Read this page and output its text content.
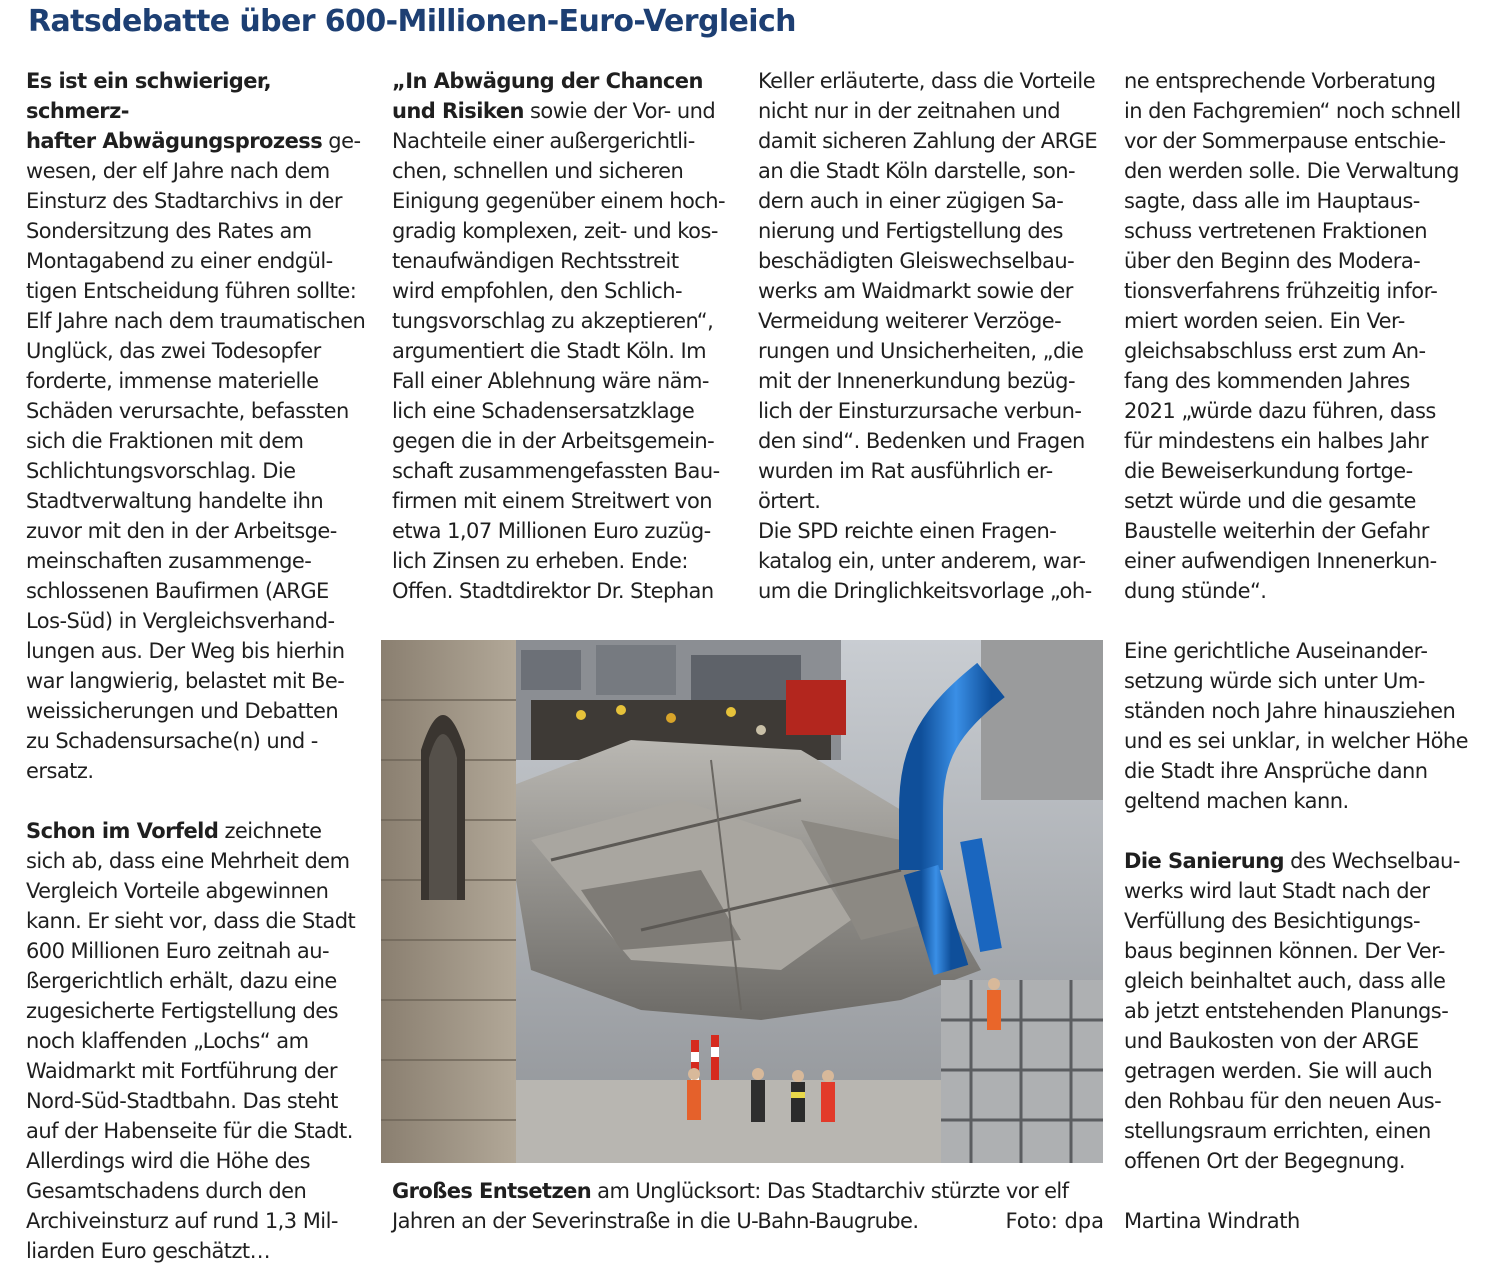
Ratsdebatte über 600-Millionen-Euro-Vergleich

Es ist ein schwieriger, schmerz-

hafter Abwägungsprozess ge-

wesen, der elf Jahre nach dem

Einsturz des Stadtarchivs in der

Sondersitzung des Rates am

Montagabend zu einer endgül-

tigen Entscheidung führen sollte:

Elf Jahre nach dem traumatischen

Unglück, das zwei Todesopfer

forderte, immense materielle

Schäden verursachte, befassten

sich die Fraktionen mit dem

Schlichtungsvorschlag. Die

Stadtverwaltung handelte ihn

zuvor mit den in der Arbeitsge-

meinschaften zusammenge-

schlossenen Baufirmen (ARGE

Los-Süd) in Vergleichsverhand-

lungen aus. Der Weg bis hierhin

war langwierig, belastet mit Be-

weissicherungen und Debatten

zu Schadensursache(n) und -

ersatz.

Schon im Vorfeld zeichnete

sich ab, dass eine Mehrheit dem

Vergleich Vorteile abgewinnen

kann. Er sieht vor, dass die Stadt

600 Millionen Euro zeitnah au-

ßergerichtlich erhält, dazu eine

zugesicherte Fertigstellung des

noch klaffenden „Lochs“ am

Waidmarkt mit Fortführung der

Nord-Süd-Stadtbahn. Das steht

auf der Habenseite für die Stadt.

Allerdings wird die Höhe des

Gesamtschadens durch den

Archiveinsturz auf rund 1,3 Mil-

liarden Euro geschätzt…

„In Abwägung der Chancen

und Risiken sowie der Vor- und

Nachteile einer außergerichtli-

chen, schnellen und sicheren

Einigung gegenüber einem hoch-

gradig komplexen, zeit- und kos-

tenaufwändigen Rechtsstreit

wird empfohlen, den Schlich-

tungsvorschlag zu akzeptieren“,

argumentiert die Stadt Köln. Im

Fall einer Ablehnung wäre näm-

lich eine Schadensersatzklage

gegen die in der Arbeitsgemein-

schaft zusammengefassten Bau-

firmen mit einem Streitwert von

etwa 1,07 Millionen Euro zuzüg-

lich Zinsen zu erheben. Ende:

Offen. Stadtdirektor Dr. Stephan

Keller erläuterte, dass die Vorteile

nicht nur in der zeitnahen und

damit sicheren Zahlung der ARGE

an die Stadt Köln darstelle, son-

dern auch in einer zügigen Sa-

nierung und Fertigstellung des

beschädigten Gleiswechselbau-

werks am Waidmarkt sowie der

Vermeidung weiterer Verzöge-

rungen und Unsicherheiten, „die

mit der Innenerkundung bezüg-

lich der Einsturzursache verbun-

den sind“. Bedenken und Fragen

wurden im Rat ausführlich er-

örtert.

Die SPD reichte einen Fragen-

katalog ein, unter anderem, war-

um die Dringlichkeitsvorlage „oh-

ne entsprechende Vorberatung

in den Fachgremien“ noch schnell

vor der Sommerpause entschie-

den werden solle. Die Verwaltung

sagte, dass alle im Hauptaus-

schuss vertretenen Fraktionen

über den Beginn des Modera-

tionsverfahrens frühzeitig infor-

miert worden seien. Ein Ver-

gleichsabschluss erst zum An-

fang des kommenden Jahres

2021 „würde dazu führen, dass

für mindestens ein halbes Jahr

die Beweiserkundung fortge-

setzt würde und die gesamte

Baustelle weiterhin der Gefahr

einer aufwendigen Innenerkun-

dung stünde“.

Eine gerichtliche Auseinander-

setzung würde sich unter Um-

ständen noch Jahre hinausziehen

und es sei unklar, in welcher Höhe

die Stadt ihre Ansprüche dann

geltend machen kann.

Die Sanierung des Wechselbau-

werks wird laut Stadt nach der

Verfüllung des Besichtigungs-

baus beginnen können. Der Ver-

gleich beinhaltet auch, dass alle

ab jetzt entstehenden Planungs-

und Baukosten von der ARGE

getragen werden. Sie will auch

den Rohbau für den neuen Aus-

stellungsraum errichten, einen

offenen Ort der Begegnung.

Großes Entsetzen am Unglücksort: Das Stadtarchiv stürzte vor elf

Jahren an der Severinstraße in die U-Bahn-Baugrube.	Foto: dpa Martina Windrath
